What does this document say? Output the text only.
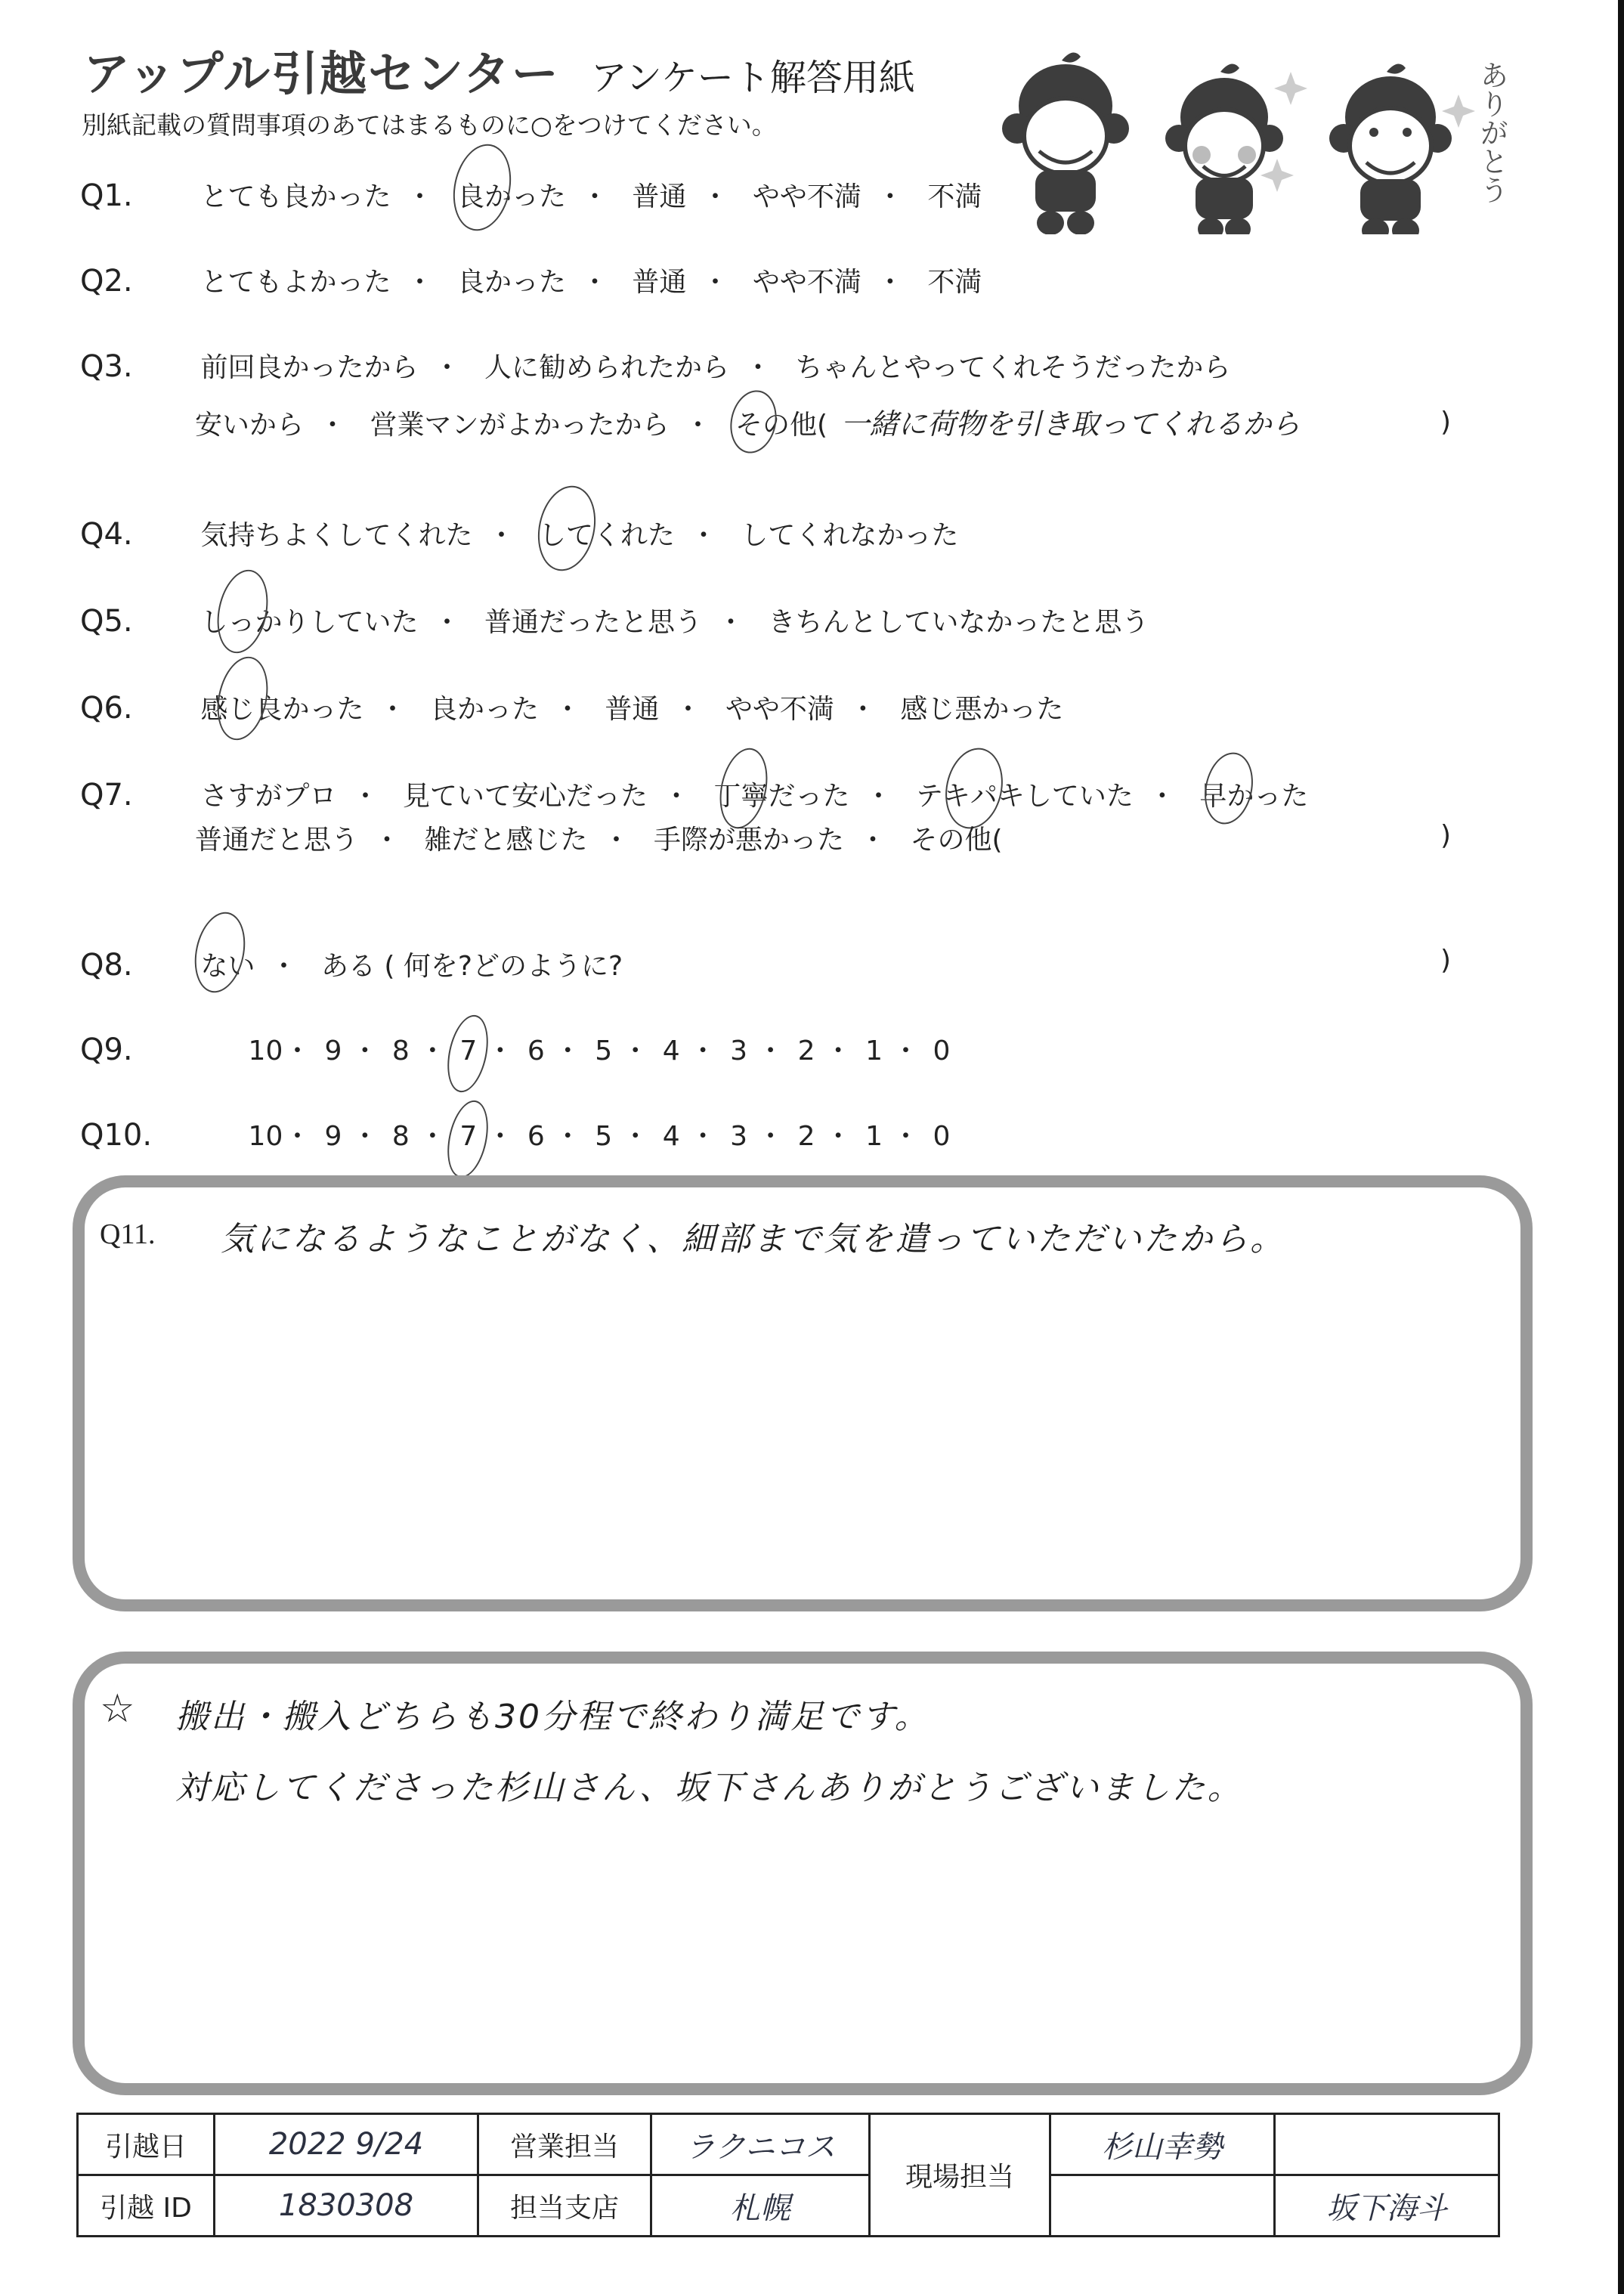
アップル引越センター アンケート解答用紙
別紙記載の質問事項のあてはまるものに○をつけてください。	ありがとう
Q1. とても良かった ・ 良かった ・ 普通 ・ やや不満 ・ 不満
Q2. とてもよかった ・ 良かった ・ 普通 ・ やや不満 ・ 不満
Q3. 前回良かったから ・ 人に勧められたから ・ ちゃんとやってくれそうだったから
安いから ・ 営業マンがよかったから ・ その他( 一緒に荷物を引き取ってくれるから	)
Q4. 気持ちよくしてくれた ・ してくれた ・ してくれなかった
Q5. しっかりしていた ・ 普通だったと思う ・ きちんとしていなかったと思う
Q6. 感じ良かった ・ 良かった ・ 普通 ・ やや不満 ・ 感じ悪かった
Q7. さすがプロ ・ 見ていて安心だった ・ 丁寧だった ・ テキパキしていた ・ 早かった
普通だと思う ・ 雑だと感じた ・ 手際が悪かった ・ その他(	)
Q8. ない ・ ある ( 何を?どのように?	)
Q9.	10・ 9 ・ 8 ・ 7 ・ 6 ・ 5 ・ 4 ・ 3 ・ 2 ・ 1 ・ 0
Q10.	10・ 9 ・ 8 ・ 7 ・ 6 ・ 5 ・ 4 ・ 3 ・ 2 ・ 1 ・ 0
Q11. 気になるようなことがなく、細部まで気を遣っていただいたから。
☆ 搬出・搬入どちらも30分程で終わり満足です。
対応してくださった杉山さん、坂下さんありがとうございました。
引越日	2022 9/24	営業担当	ラクニコス	現場担当	杉山幸勢	
引越 ID	1830308	担当支店	札幌			坂下海斗
